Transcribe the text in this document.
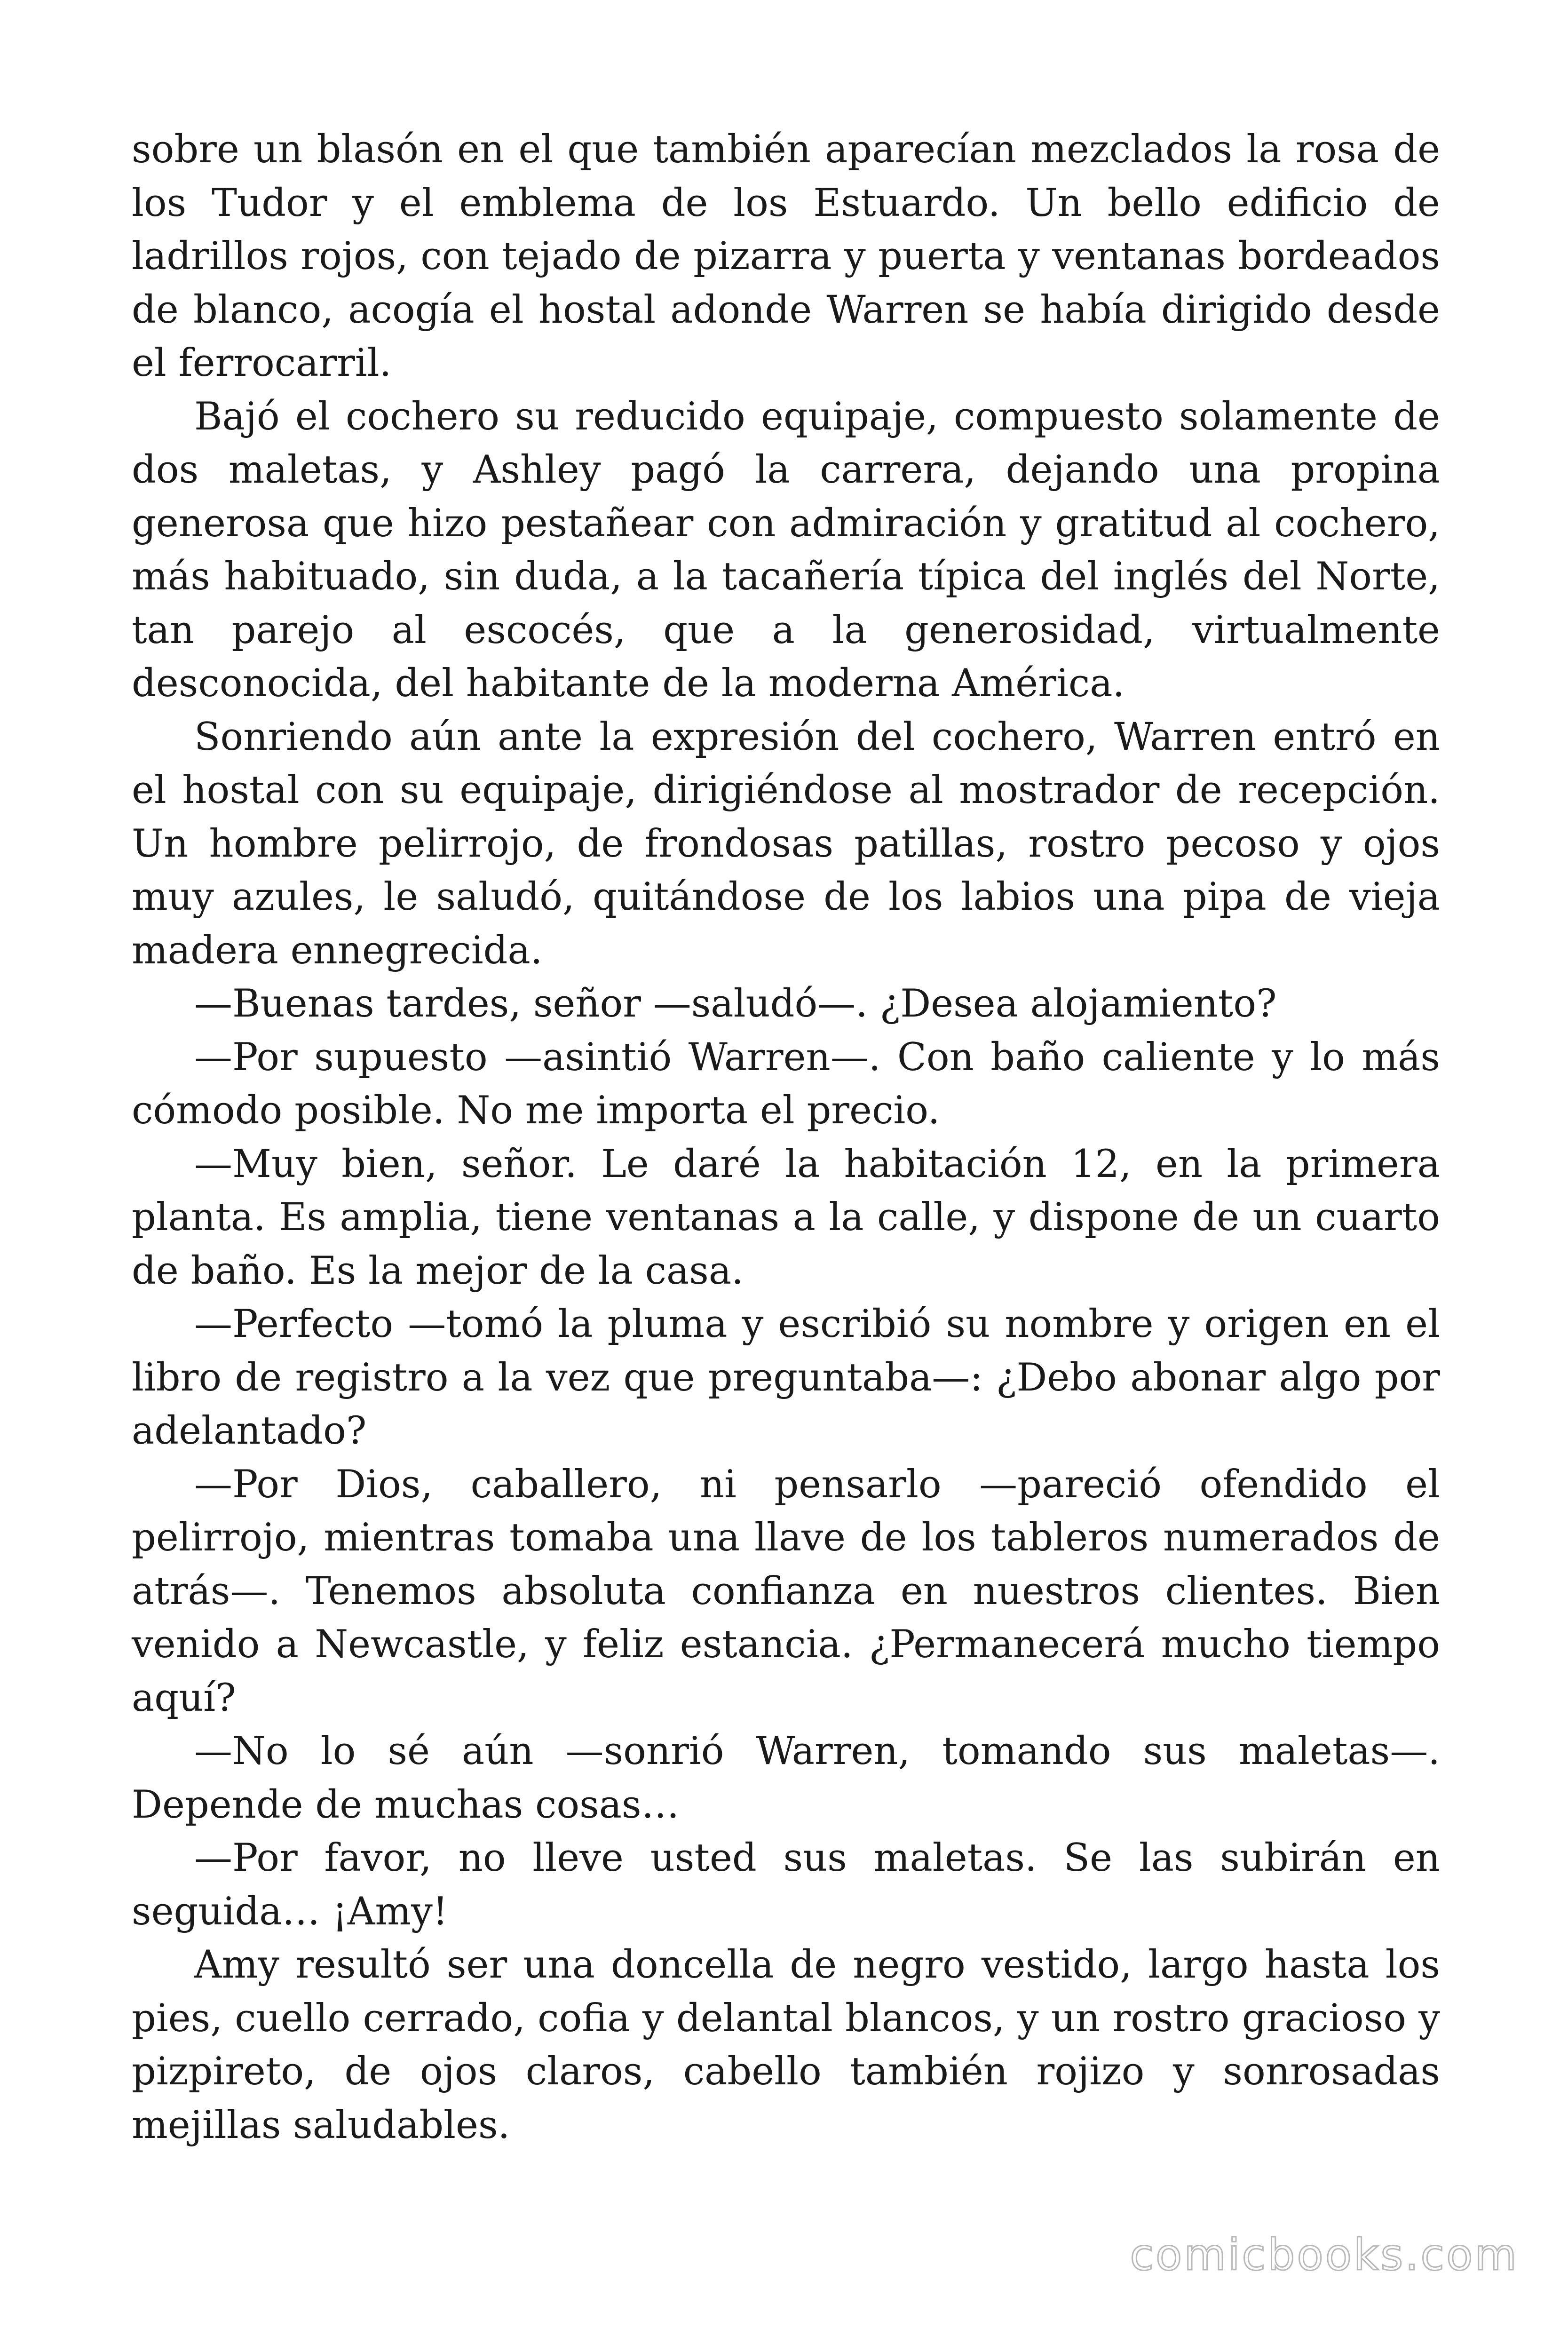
sobre un blasón en el que también aparecían mezclados la rosa de los Tudor y el emblema de los Estuardo. Un bello edificio de ladrillos rojos, con tejado de pizarra y puerta y ventanas bordeados de blanco, acogía el hostal adonde Warren se había dirigido desde el ferrocarril.

Bajó el cochero su reducido equipaje, compuesto solamente de dos maletas, y Ashley pagó la carrera, dejando una propina generosa que hizo pestañear con admiración y gratitud al cochero, más habituado, sin duda, a la tacañería típica del inglés del Norte, tan parejo al escocés, que a la generosidad, virtualmente desconocida, del habitante de la moderna América.

Sonriendo aún ante la expresión del cochero, Warren entró en el hostal con su equipaje, dirigiéndose al mostrador de recepción. Un hombre pelirrojo, de frondosas patillas, rostro pecoso y ojos muy azules, le saludó, quitándose de los labios una pipa de vieja madera ennegrecida.

—Buenas tardes, señor —saludó—. ¿Desea alojamiento?

—Por supuesto —asintió Warren—. Con baño caliente y lo más cómodo posible. No me importa el precio.

—Muy bien, señor. Le daré la habitación 12, en la primera planta. Es amplia, tiene ventanas a la calle, y dispone de un cuarto de baño. Es la mejor de la casa.

—Perfecto —tomó la pluma y escribió su nombre y origen en el libro de registro a la vez que preguntaba—: ¿Debo abonar algo por adelantado?

—Por Dios, caballero, ni pensarlo —pareció ofendido el pelirrojo, mientras tomaba una llave de los tableros numerados de atrás—. Tenemos absoluta confianza en nuestros clientes. Bien venido a Newcastle, y feliz estancia. ¿Permanecerá mucho tiempo aquí?

—No lo sé aún —sonrió Warren, tomando sus maletas—. Depende de muchas cosas…

—Por favor, no lleve usted sus maletas. Se las subirán en seguida… ¡Amy!

Amy resultó ser una doncella de negro vestido, largo hasta los pies, cuello cerrado, cofia y delantal blancos, y un rostro gracioso y pizpireto, de ojos claros, cabello también rojizo y sonrosadas mejillas saludables.

comicbooks.com
